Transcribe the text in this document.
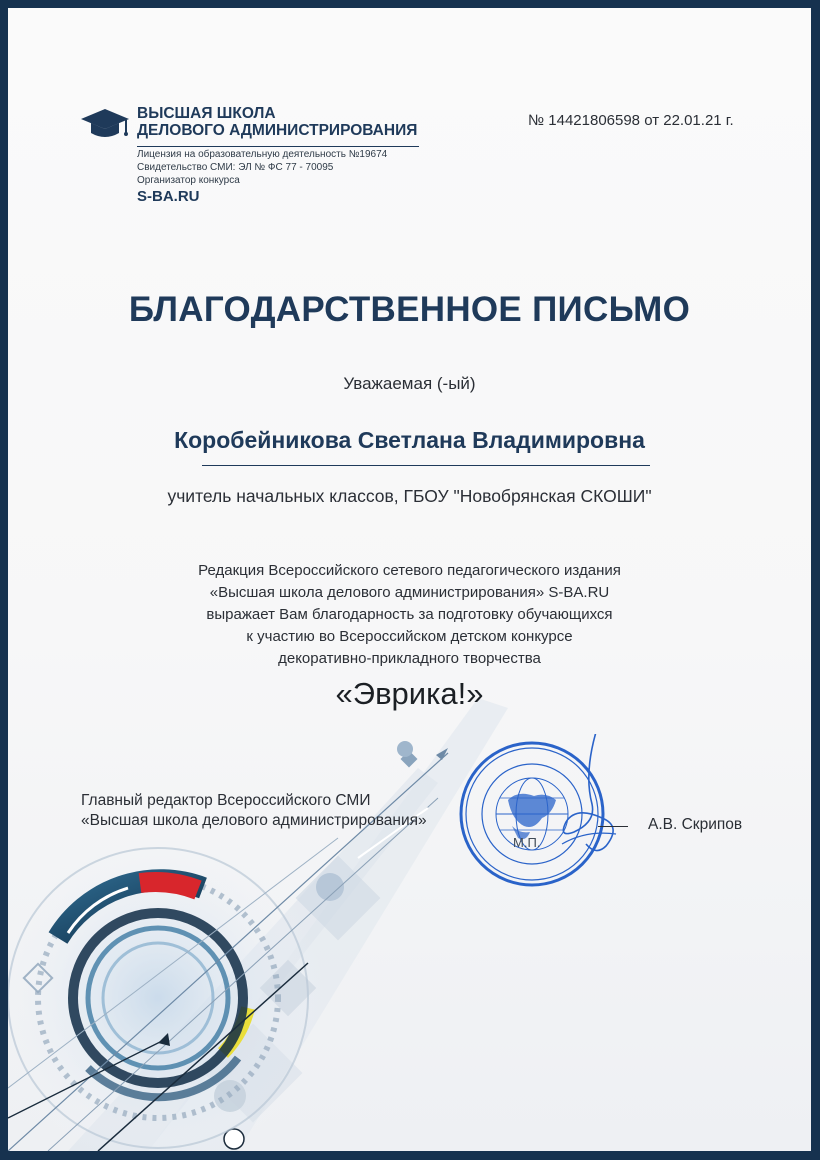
ВЫСШАЯ ШКОЛА
ДЕЛОВОГО АДМИНИСТРИРОВАНИЯ
Лицензия на образовательную деятельность №19674
Свидетельство СМИ: ЭЛ № ФС 77 - 70095
Организатор конкурса
S-BA.RU
№ 14421806598 от 22.01.21 г.
БЛАГОДАРСТВЕННОЕ ПИСЬМО
Уважаемая (-ый)
Коробейникова Светлана Владимировна
учитель начальных классов, ГБОУ "Новобрянская СКОШИ"
Редакция Всероссийского сетевого педагогического издания
«Высшая школа делового администрирования» S-BA.RU
выражает Вам благодарность за подготовку обучающихся
к участию во Всероссийском детском конкурсе
декоративно-прикладного творчества
«Эврика!»
Главный редактор Всероссийского СМИ
«Высшая школа делового администрирования»
М.П.
А.В. Скрипов
